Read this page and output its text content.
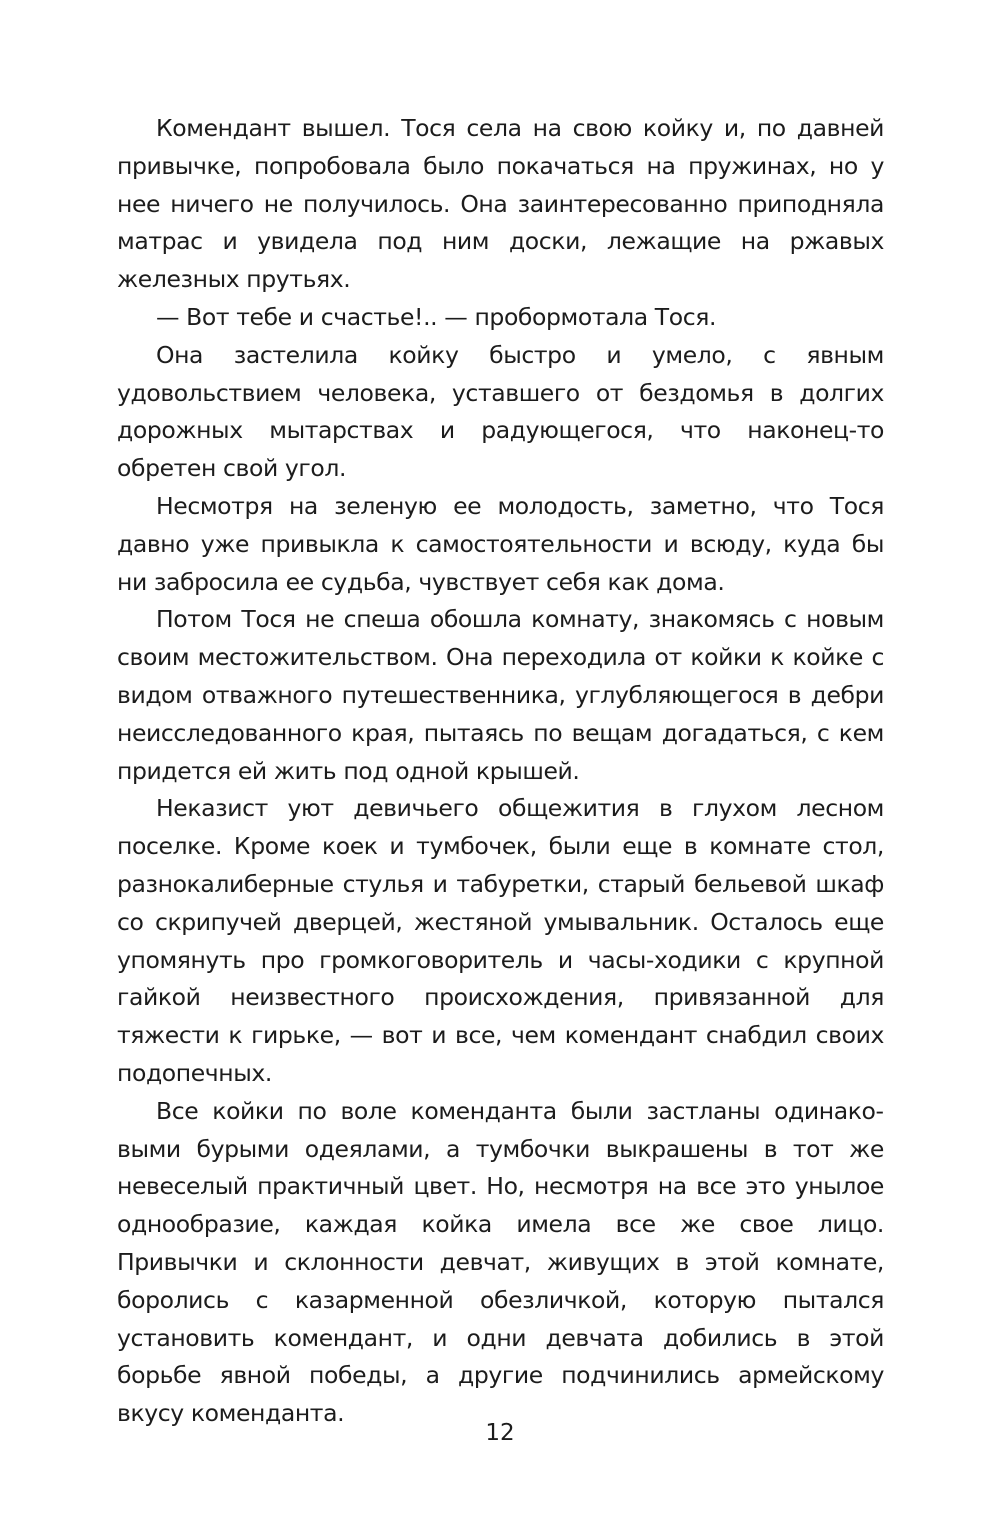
Комендант вышел. Тося села на свою койку и, по давней привычке, попробовала было покачаться на пружинах, но у нее ничего не получилось. Она заинтересованно приподняла матрас и увидела под ним доски, лежащие на ржавых железных прутьях.

— Вот тебе и счастье!.. — пробормотала Тося.

Она застелила койку быстро и умело, с явным удовольствием человека, уставшего от бездомья в долгих дорожных мытарствах и радующегося, что наконец-то обретен свой угол.

Несмотря на зеленую ее молодость, заметно, что Тося давно уже привыкла к самостоятельности и всюду, куда бы ни забросила ее судьба, чувствует себя как дома.

Потом Тося не спеша обошла комнату, знакомясь с новым своим местожительством. Она переходила от койки к койке с видом отважного путешественника, углубляющегося в дебри неисследованного края, пытаясь по вещам догадаться, с кем придется ей жить под одной крышей.

Неказист уют девичьего общежития в глухом лесном поселке. Кроме коек и тумбочек, были еще в комнате стол, разнокалиберные стулья и табуретки, старый бельевой шкаф со скрипучей дверцей, жестяной умывальник. Осталось еще упомянуть про громкоговоритель и часы-ходики с крупной гайкой неизвестного происхождения, привязанной для тяжести к гирьке, — вот и все, чем комендант снабдил своих подопечных.

Все койки по воле коменданта были застланы одинаковыми бурыми одеялами, а тумбочки выкрашены в тот же невеселый практичный цвет. Но, несмотря на все это унылое однообразие, каждая койка имела все же свое лицо. Привычки и склонности девчат, живущих в этой комнате, боролись с казарменной обезличкой, которую пытался установить комендант, и одни девчата добились в этой борьбе явной победы, а другие подчинились армейскому вкусу коменданта.

12
